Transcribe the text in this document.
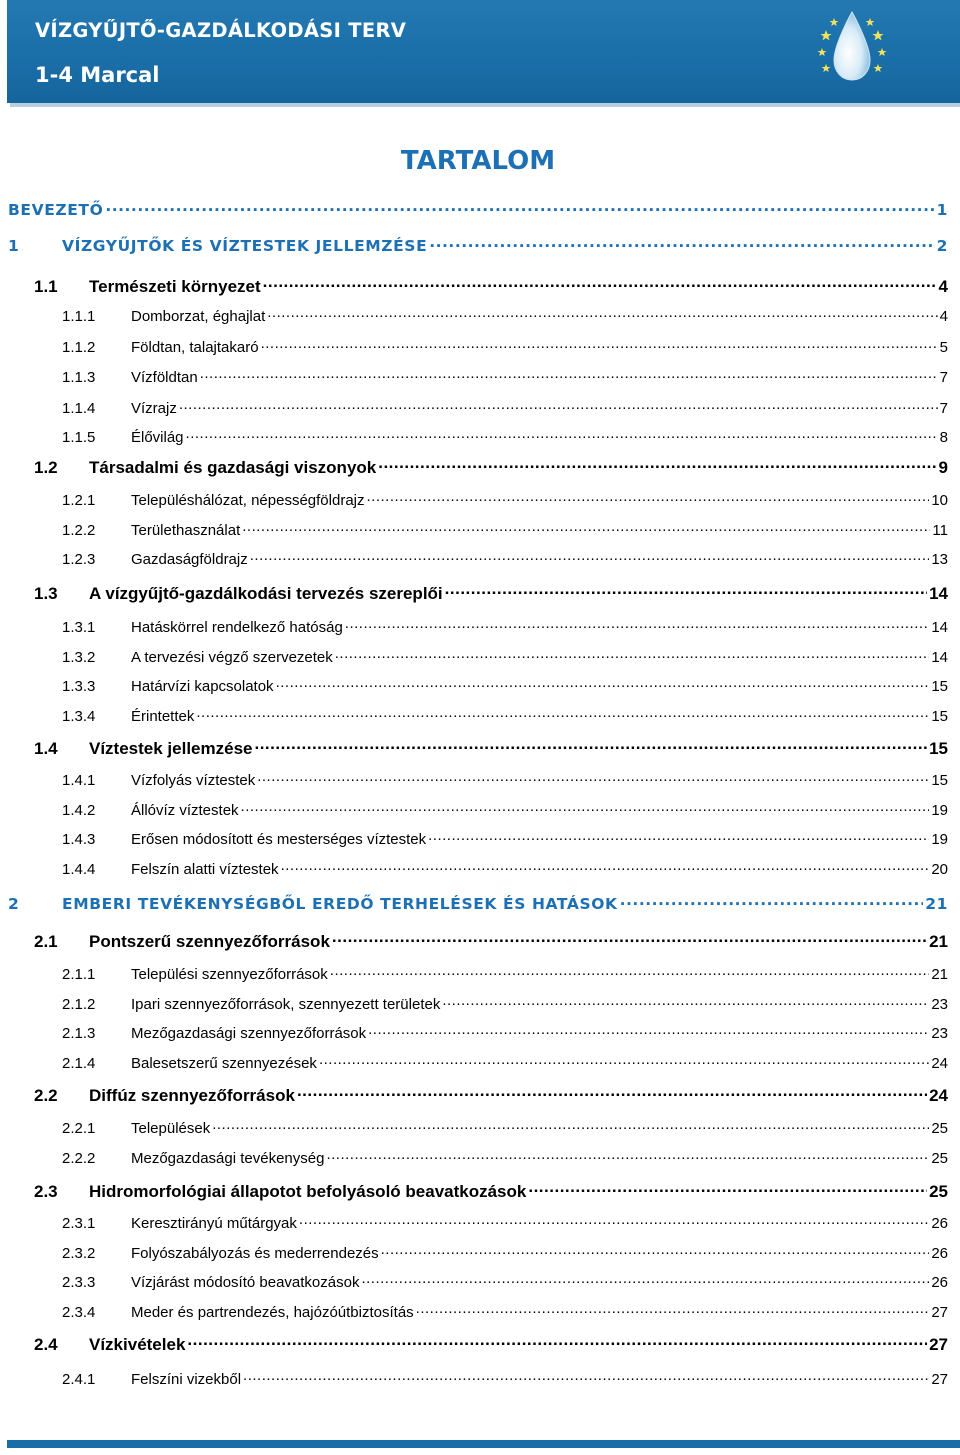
VÍZGYŰJTŐ-GAZDÁLKODÁSI TERV
1-4 Marcal
TARTALOM
BEVEZETŐ .....	1
1	VÍZGYŰJTŐK ÉS VÍZTESTEK JELLEMZÉSE .....	2
1.1	Természeti környezet .....	4
1.1.1	Domborzat, éghajlat .....	4
1.1.2	Földtan, talajtakaró .....	5
1.1.3	Vízföldtan .....	7
1.1.4	Vízrajz .....	7
1.1.5	Élővilág .....	8
1.2	Társadalmi és gazdasági viszonyok .....	9
1.2.1	Településhálózat, népességföldrajz .....	10
1.2.2	Területhasználat .....	11
1.2.3	Gazdaságföldrajz .....	13
1.3	A vízgyűjtő-gazdálkodási tervezés szereplői .....	14
1.3.1	Hatáskörrel rendelkező hatóság .....	14
1.3.2	A tervezési végző szervezetek .....	14
1.3.3	Határvízi kapcsolatok .....	15
1.3.4	Érintettek .....	15
1.4	Víztestek jellemzése .....	15
1.4.1	Vízfolyás víztestek .....	15
1.4.2	Állóvíz víztestek .....	19
1.4.3	Erősen módosított és mesterséges víztestek .....	19
1.4.4	Felszín alatti víztestek .....	20
2	EMBERI TEVÉKENYSÉGBŐL EREDŐ TERHELÉSEK ÉS HATÁSOK .....	21
2.1	Pontszerű szennyezőforrások .....	21
2.1.1	Települési szennyezőforrások .....	21
2.1.2	Ipari szennyezőforrások, szennyezett területek .....	23
2.1.3	Mezőgazdasági szennyezőforrások .....	23
2.1.4	Balesetszerű szennyezések .....	24
2.2	Diffúz szennyezőforrások .....	24
2.2.1	Települések .....	25
2.2.2	Mezőgazdasági tevékenység .....	25
2.3	Hidromorfológiai állapotot befolyásoló beavatkozások .....	25
2.3.1	Keresztirányú műtárgyak .....	26
2.3.2	Folyószabályozás és mederrendezés .....	26
2.3.3	Vízjárást módosító beavatkozások .....	26
2.3.4	Meder és partrendezés, hajózóútbiztosítás .....	27
2.4	Vízkivételek .....	27
2.4.1	Felszíni vizekből .....	27
